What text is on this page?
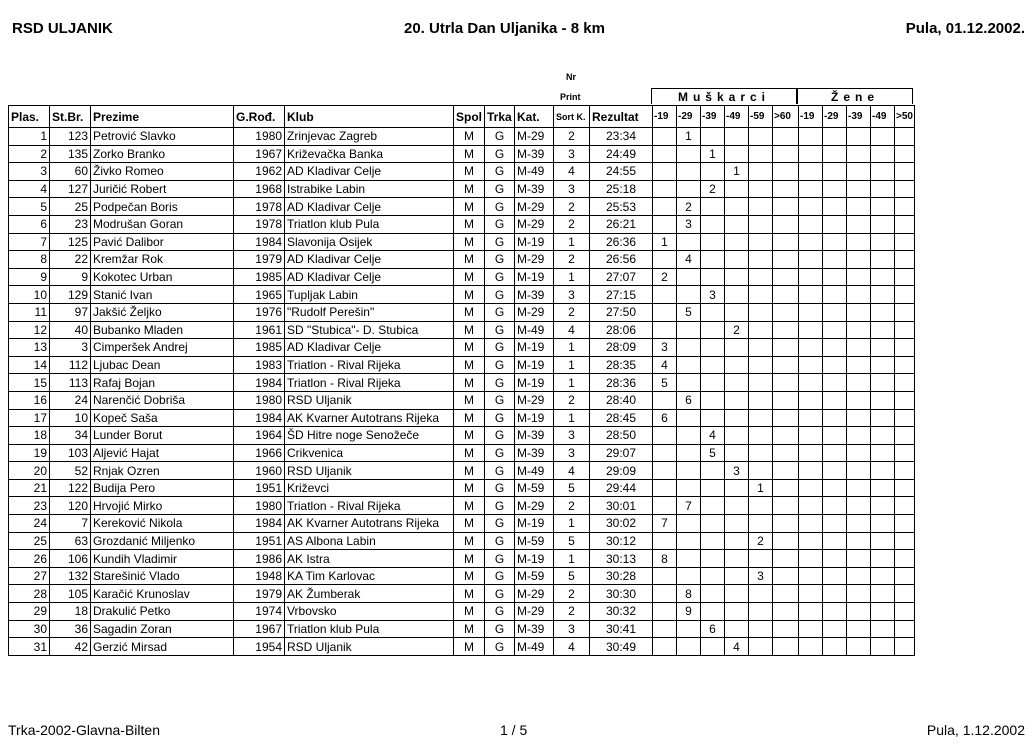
RSD ULJANIK	20. Utrla Dan Uljanika - 8 km	Pula, 01.12.2002.
Nr
Print	Muškarci	Žene
Plas.	St.Br.	Prezime	G.Rođ.	Klub	Spol	Trka	Kat.	Sort K.	Rezultat	-19	-29	-39	-49	-59	>60	-19	-29	-39	-49	>50
1	123	Petrović Slavko	1980	Zrinjevac Zagreb	M	G	M-29	2	23:34		1									
2	135	Zorko Branko	1967	Križevačka Banka	M	G	M-39	3	24:49			1								
3	60	Živko Romeo	1962	AD Kladivar Celje	M	G	M-49	4	24:55				1							
4	127	Juričić Robert	1968	Istrabike Labin	M	G	M-39	3	25:18			2								
5	25	Podpečan Boris	1978	AD Kladivar Celje	M	G	M-29	2	25:53		2									
6	23	Modrušan Goran	1978	Triatlon klub Pula	M	G	M-29	2	26:21		3									
7	125	Pavić Dalibor	1984	Slavonija Osijek	M	G	M-19	1	26:36	1										
8	22	Kremžar Rok	1979	AD Kladivar Celje	M	G	M-29	2	26:56		4									
9	9	Kokotec Urban	1985	AD Kladivar Celje	M	G	M-19	1	27:07	2										
10	129	Stanić Ivan	1965	Tupljak Labin	M	G	M-39	3	27:15			3								
11	97	Jakšić Željko	1976	"Rudolf Perešin"	M	G	M-29	2	27:50		5									
12	40	Bubanko Mladen	1961	SD "Stubica"- D. Stubica	M	G	M-49	4	28:06				2							
13	3	Cimperšek Andrej	1985	AD Kladivar Celje	M	G	M-19	1	28:09	3										
14	112	Ljubac Dean	1983	Triatlon - Rival Rijeka	M	G	M-19	1	28:35	4										
15	113	Rafaj Bojan	1984	Triatlon - Rival Rijeka	M	G	M-19	1	28:36	5										
16	24	Narenčić Dobriša	1980	RSD Uljanik	M	G	M-29	2	28:40		6									
17	10	Kopeč Saša	1984	AK Kvarner Autotrans Rijeka	M	G	M-19	1	28:45	6										
18	34	Lunder Borut	1964	ŠD Hitre noge Senožeče	M	G	M-39	3	28:50			4								
19	103	Aljević Hajat	1966	Crikvenica	M	G	M-39	3	29:07			5								
20	52	Rnjak Ozren	1960	RSD Uljanik	M	G	M-49	4	29:09				3							
21	122	Budija Pero	1951	Križevci	M	G	M-59	5	29:44					1						
23	120	Hrvojić Mirko	1980	Triatlon - Rival Rijeka	M	G	M-29	2	30:01		7									
24	7	Kereković Nikola	1984	AK Kvarner Autotrans Rijeka	M	G	M-19	1	30:02	7										
25	63	Grozdanić Miljenko	1951	AS Albona Labin	M	G	M-59	5	30:12					2						
26	106	Kundih Vladimir	1986	AK Istra	M	G	M-19	1	30:13	8										
27	132	Starešinić Vlado	1948	KA Tim Karlovac	M	G	M-59	5	30:28					3						
28	105	Karačić Krunoslav	1979	AK Žumberak	M	G	M-29	2	30:30		8									
29	18	Drakulić Petko	1974	Vrbovsko	M	G	M-29	2	30:32		9									
30	36	Sagadin Zoran	1967	Triatlon klub Pula	M	G	M-39	3	30:41			6								
31	42	Gerzić Mirsad	1954	RSD Uljanik	M	G	M-49	4	30:49				4							
Trka-2002-Glavna-Bilten	1 / 5	Pula, 1.12.2002
